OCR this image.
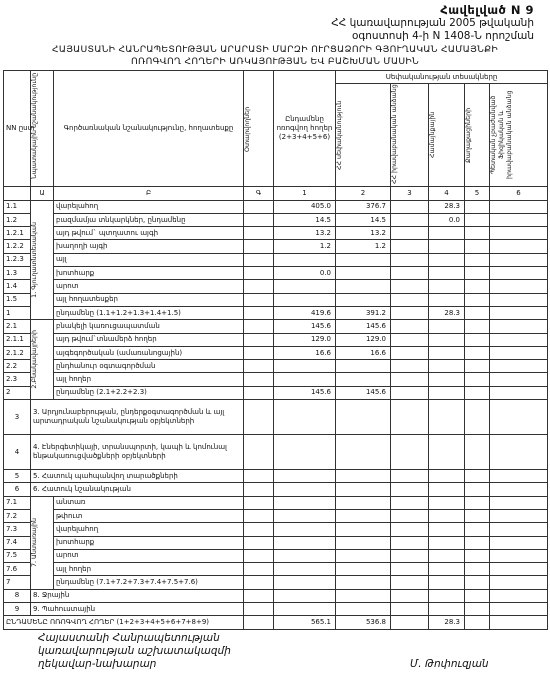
Հավելված N 9
ՀՀ կառավարության 2005 թվականի
օգոստոսի 4-ի N 1408-Ն որոշման
ՀԱՅԱՍՏԱՆԻ ՀԱՆՐԱՊԵՏՈՒԹՅԱՆ ԱՐԱՐԱՏԻ ՄԱՐԶԻ ՈՒՐՑԱՁՈՐԻ ԳՅՈՒՂԱԿԱՆ ՀԱՄԱՅՆՔԻ
ՈՌՈԳՎՈՂ ՀՈՂԵՐԻ ԱՌԿԱՅՈՒԹՅԱՆ ԵՎ ԲԱՇԽՄԱՆ ՄԱՍԻՆ
NN ըստ	Նպատակային նշանակությունը	Գործառնական նշանակությունը, հողատեսքը	Օտարվողներ	Ընդամենը ոռոգվող հողեր (2+3+4+5+6)	Սեփականության տեսակները				

					ՀՀ սեփականություն	ՀՀ իրավաբանական անձանց	Համայնքային	Քաղաքացիների	Պետական չբաժանված Ֆիզիկական և իրավաբանական անձանց

	Ա	Բ	Գ	1	2	3	4	5	6
1.1	1. Գյուղատնտեսական	վարելահող		405.0	376.7		28.3		
1.2		բազմամյա տնկարկներ, ընդամենը		14.5	14.5		0.0		
1.2.1		այդ թվում` պտղատու այգի		13.2	13.2				
1.2.2		խաղողի այգի		1.2	1.2				
1.2.3		այլ							
1.3		խոտհարք		0.0					
1.4		արոտ							
1.5		այլ հողատեսքեր							
1		ընդամենը (1.1+1.2+1.3+1.4+1.5)		419.6	391.2		28.3		
2.1	2.Բնակավայրերի	բնակելի կառուցապատման		145.6	145.6				
2.1.1		այդ թվում`տնամերձ հողեր		129.0	129.0				
2.1.2		այգեգործական (ամառանոցային)		16.6	16.6				
2.2		ընդհանուր օգտագործման							
2.3		այլ հողեր							
2		ընդամենը (2.1+2.2+2.3)		145.6	145.6				
3	3. Արդյունաբերության, ընդերքօգտագործման և այլ արտադրական նշանակության օբյեկտների								
4	4. Էներգետիկայի, տրանսպորտի, կապի և կոմունալ ենթակառուցվածքների օբյեկտների								
5	5. Հատուկ պահպանվող տարածքների								
6	6. Հատուկ նշանակության								
7.1	7. Անտառային	անտառ							
7.2		թփուտ							
7.3		վարելահող							
7.4		խոտհարք							
7.5		արոտ							
7.6		այլ հողեր							
7		ընդամենը (7.1+7.2+7.3+7.4+7.5+7.6)							
8	8. Ջրային								
9	9. Պահուստային								
ԸՆԴԱՄԵՆԸ ՈՌՈԳՎՈՂ ՀՈՂԵՐ (1+2+3+4+5+6+7+8+9)				565.1	536.8		28.3		
Հայաստանի Հանրապետության
կառավարության աշխատակազմի
ղեկավար-նախարար	Մ. Թոփուզյան
